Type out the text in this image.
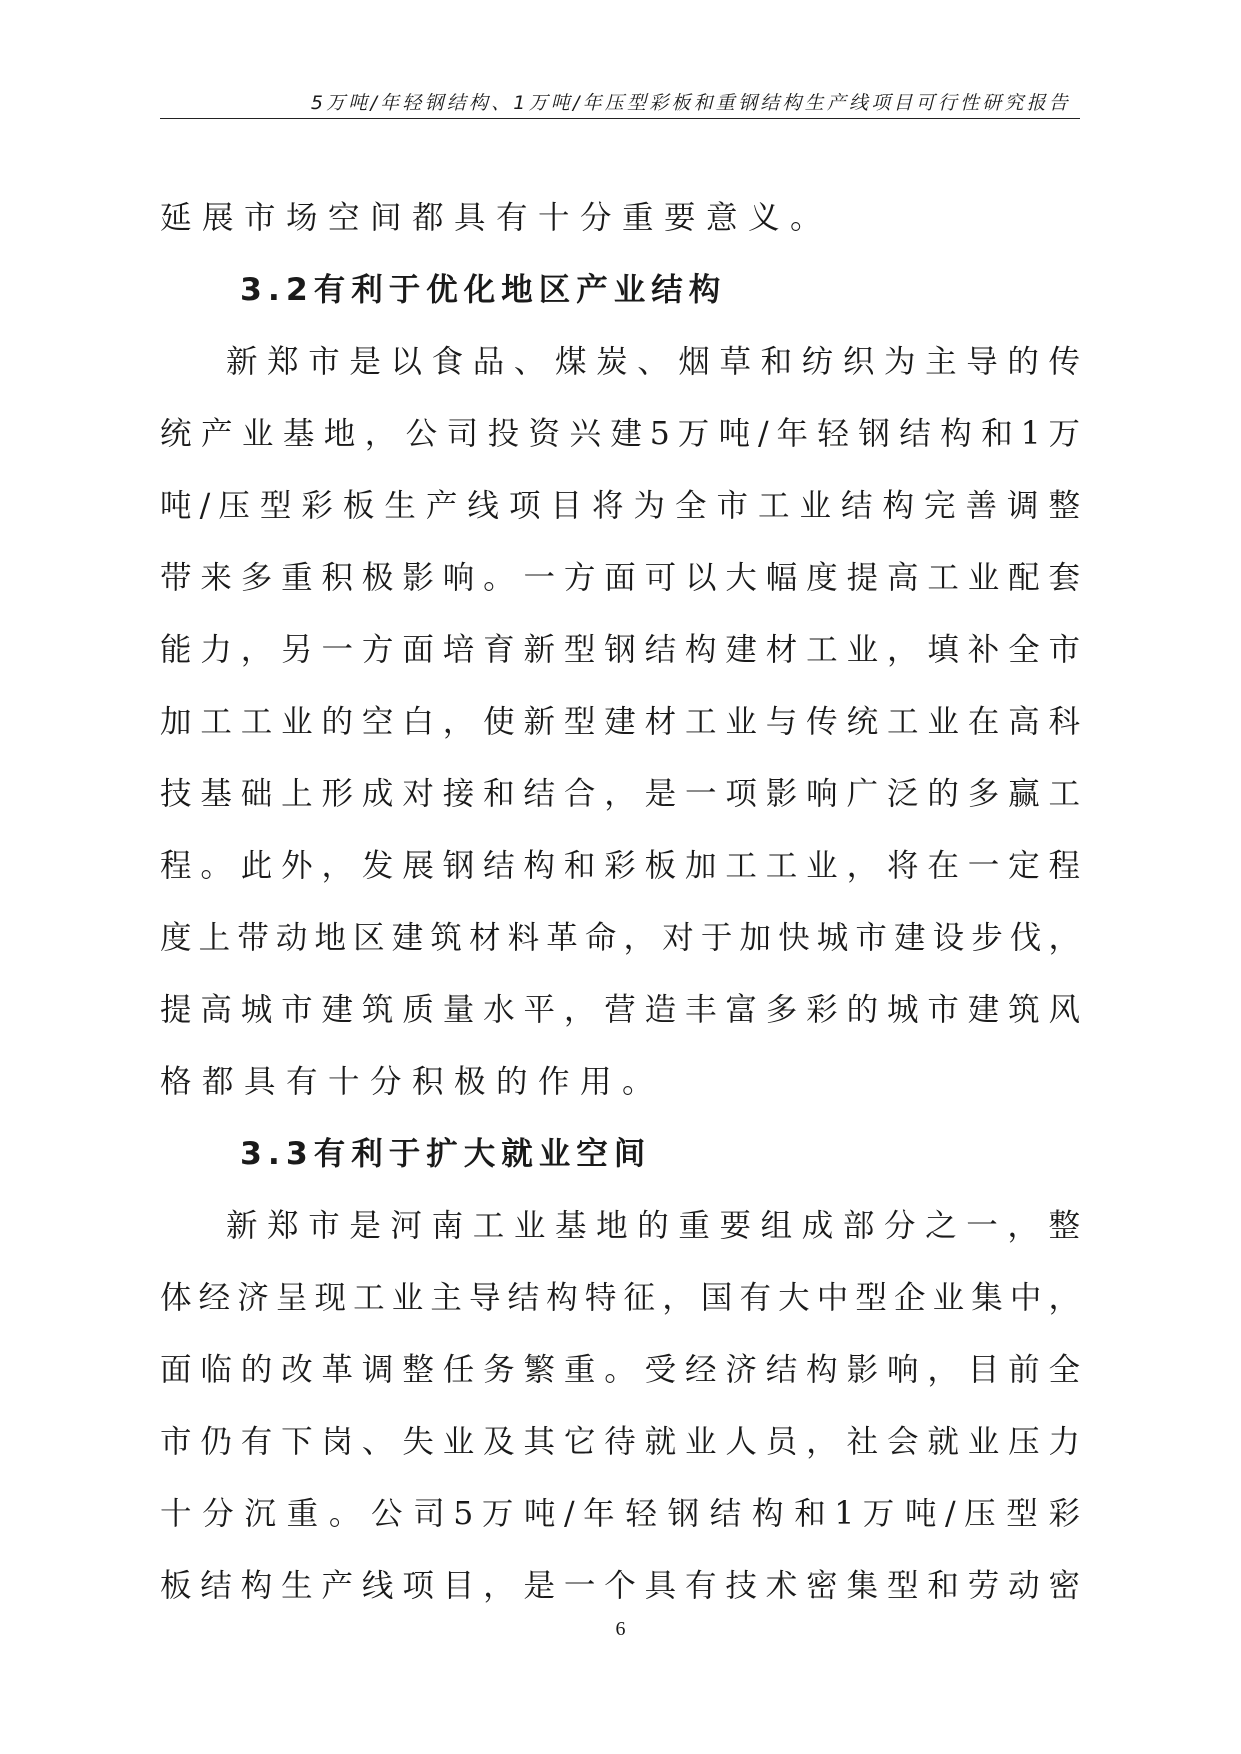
5万吨/年轻钢结构、1万吨/年压型彩板和重钢结构生产线项目可行性研究报告
延展市场空间都具有十分重要意义。
3.2有利于优化地区产业结构
新 郑 市 是 以 食 品 、 煤 炭 、 烟 草 和 纺 织 为 主 导 的 传
统 产 业 基 地 ， 公 司 投 资 兴 建 5 万 吨 / 年 轻 钢 结 构 和 1 万
吨 / 压 型 彩 板 生 产 线 项 目 将 为 全 市 工 业 结 构 完 善 调 整
带 来 多 重 积 极 影 响 。 一 方 面 可 以 大 幅 度 提 高 工 业 配 套
能 力 ， 另 一 方 面 培 育 新 型 钢 结 构 建 材 工 业 ， 填 补 全 市
加 工 工 业 的 空 白 ， 使 新 型 建 材 工 业 与 传 统 工 业 在 高 科
技 基 础 上 形 成 对 接 和 结 合 ， 是 一 项 影 响 广 泛 的 多 赢 工
程 。 此 外 ， 发 展 钢 结 构 和 彩 板 加 工 工 业 ， 将 在 一 定 程
度 上 带 动 地 区 建 筑 材 料 革 命 ， 对 于 加 快 城 市 建 设 步 伐 ，
提 高 城 市 建 筑 质 量 水 平 ， 营 造 丰 富 多 彩 的 城 市 建 筑 风
格都具有十分积极的作用。
3.3有利于扩大就业空间
新 郑 市 是 河 南 工 业 基 地 的 重 要 组 成 部 分 之 一 ， 整
体 经 济 呈 现 工 业 主 导 结 构 特 征 ， 国 有 大 中 型 企 业 集 中 ，
面 临 的 改 革 调 整 任 务 繁 重 。 受 经 济 结 构 影 响 ， 目 前 全
市 仍 有 下 岗 、 失 业 及 其 它 待 就 业 人 员 ， 社 会 就 业 压 力
十 分 沉 重 。 公 司 5 万 吨 / 年 轻 钢 结 构 和 1 万 吨 / 压 型 彩
板 结 构 生 产 线 项 目 ， 是 一 个 具 有 技 术 密 集 型 和 劳 动 密
6
